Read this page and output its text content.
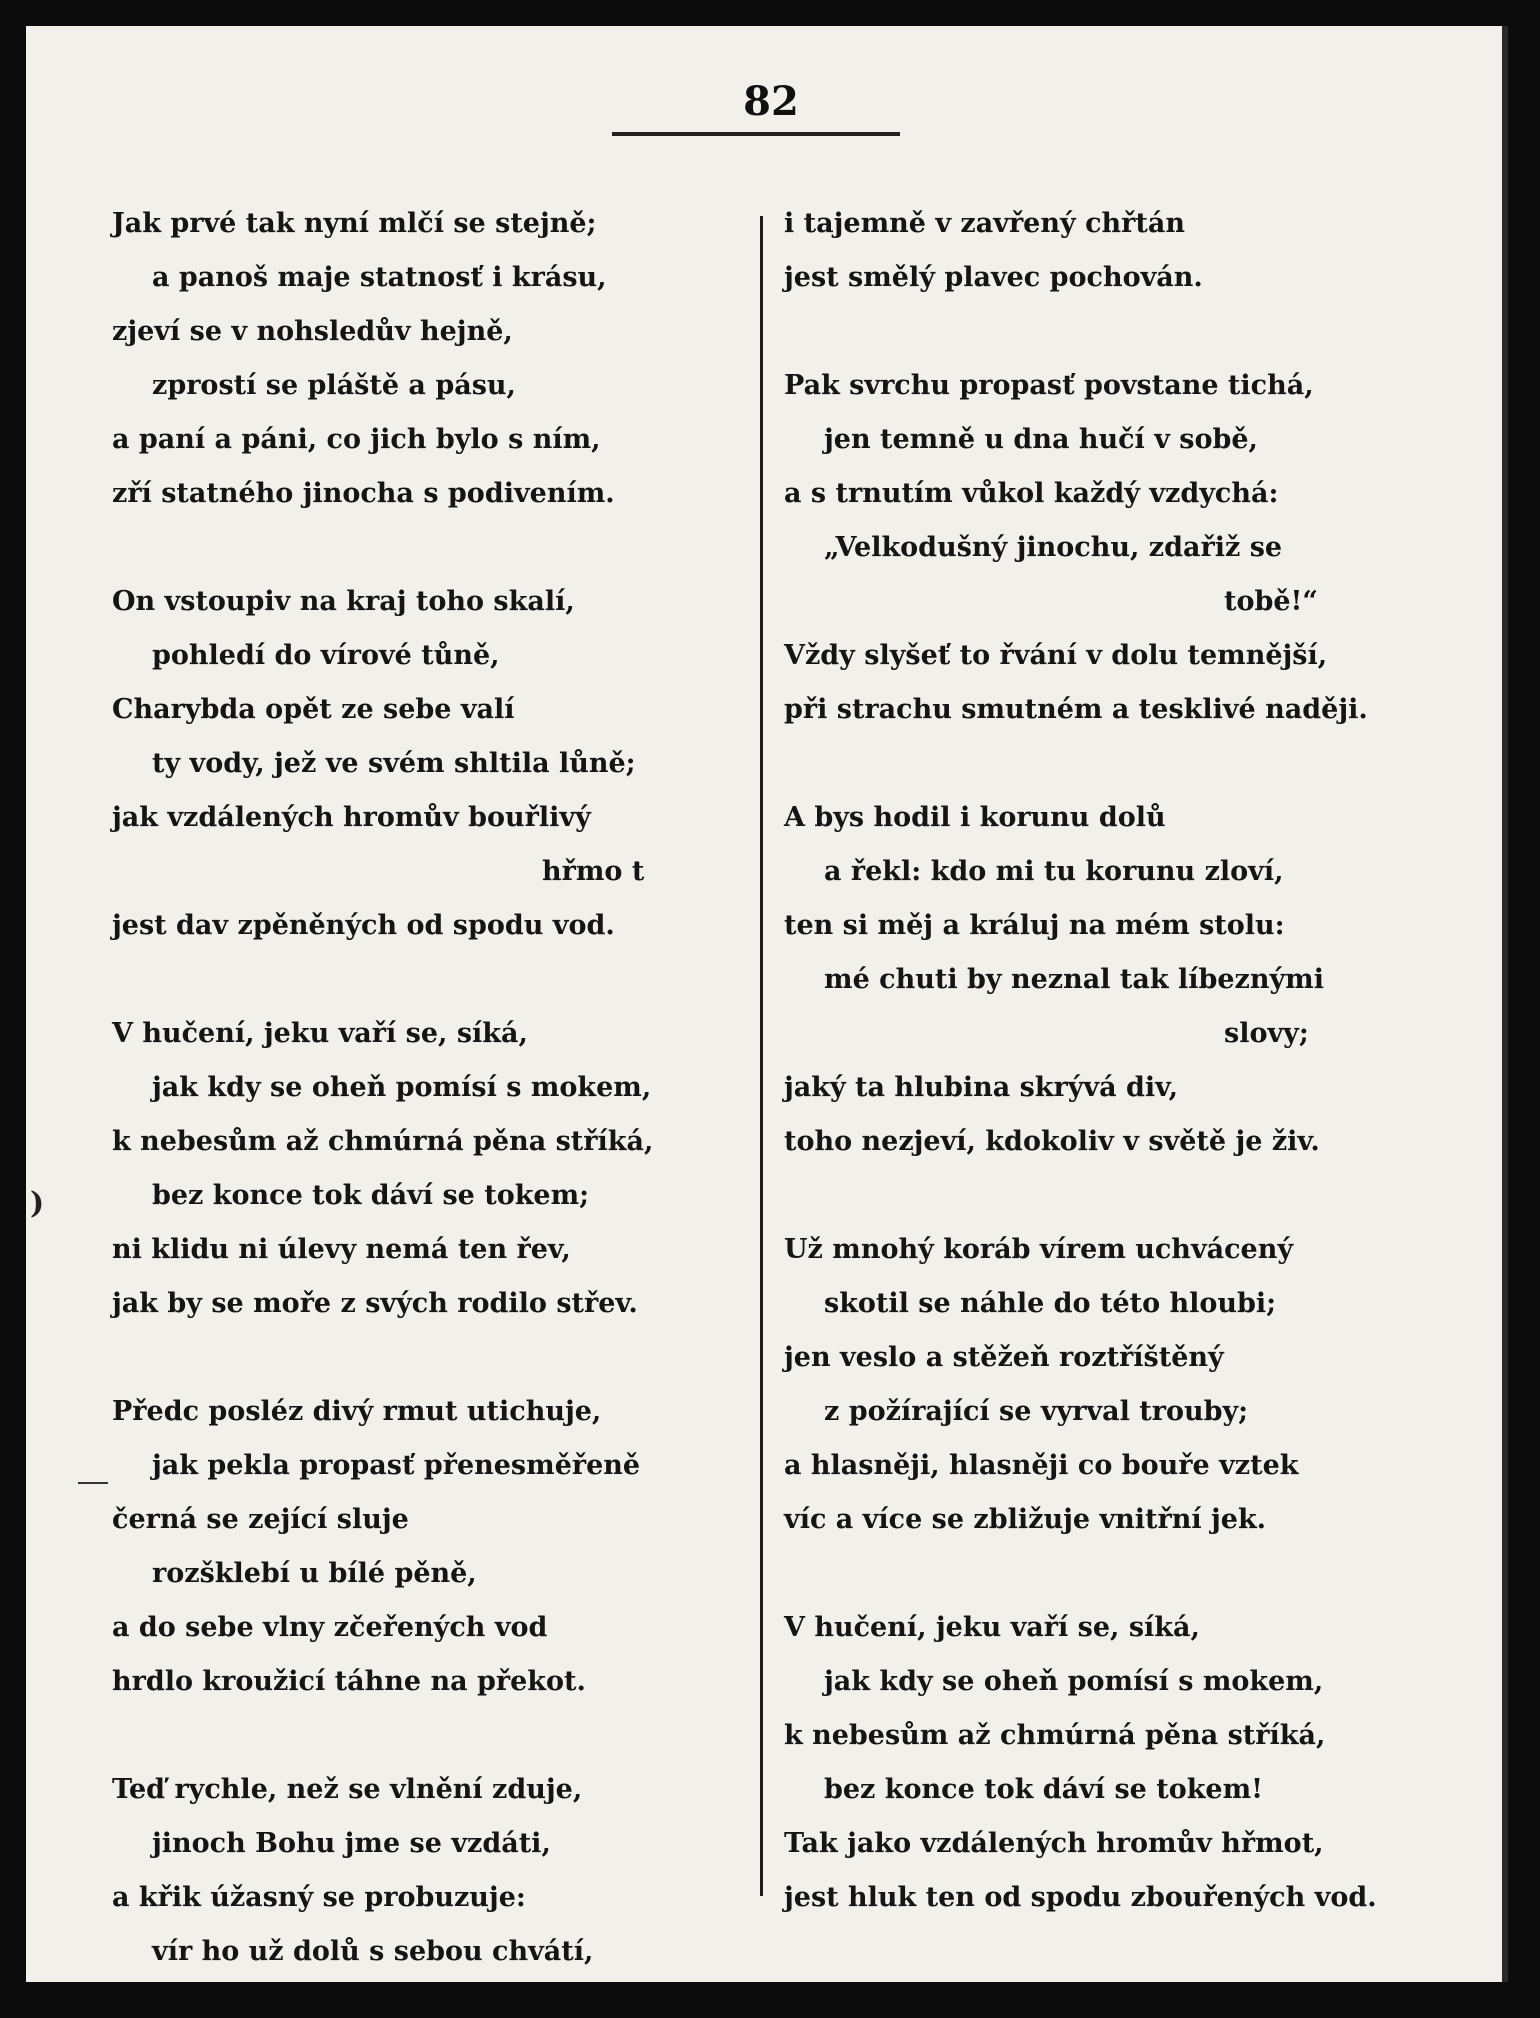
82
Jak prvé tak nyní mlčí se stejně;
a panoš maje statnosť i krásu,
zjeví se v nohsledův hejně,
zprostí se pláště a pásu,
a paní a páni, co jich bylo s ním,
zří statného jinocha s podivením.
On vstoupiv na kraj toho skalí,
pohledí do vírové tůně,
Charybda opět ze sebe valí
ty vody, jež ve svém shltila lůně;
jak vzdálených hromův bouřlivý
hřmo t
jest dav zpěněných od spodu vod.
V hučení, jeku vaří se, síká,
jak kdy se oheň pomísí s mokem,
k nebesům až chmúrná pěna stříká,
bez konce tok dáví se tokem;
ni klidu ni úlevy nemá ten řev,
jak by se moře z svých rodilo střev.
Předc posléz divý rmut utichuje,
jak pekla propasť přenesměřeně
černá se zející sluje
rozšklebí u bílé pěně,
a do sebe vlny zčeřených vod
hrdlo kroužicí táhne na překot.
Teď rychle, než se vlnění zduje,
jinoch Bohu jme se vzdáti,
a křik úžasný se probuzuje:
vír ho už dolů s sebou chvátí,
i tajemně v zavřený chřtán
jest smělý plavec pochován.
Pak svrchu propasť povstane tichá,
jen temně u dna hučí v sobě,
a s trnutím vůkol každý vzdychá:
„Velkodušný jinochu, zdařiž se
tobě!“
Vždy slyšeť to řvání v dolu temnější,
při strachu smutném a tesklivé naději.
A bys hodil i korunu dolů
a řekl: kdo mi tu korunu zloví,
ten si měj a králuj na mém stolu:
mé chuti by neznal tak líbeznými
slovy;
jaký ta hlubina skrývá div,
toho nezjeví, kdokoliv v světě je živ.
Už mnohý koráb vírem uchvácený
skotil se náhle do této hloubi;
jen veslo a stěžeň roztříštěný
z požírající se vyrval trouby;
a hlasněji, hlasněji co bouře vztek
víc a více se zbližuje vnitřní jek.
V hučení, jeku vaří se, síká,
jak kdy se oheň pomísí s mokem,
k nebesům až chmúrná pěna stříká,
bez konce tok dáví se tokem!
Tak jako vzdálených hromův hřmot,
jest hluk ten od spodu zbouřených vod.
)
